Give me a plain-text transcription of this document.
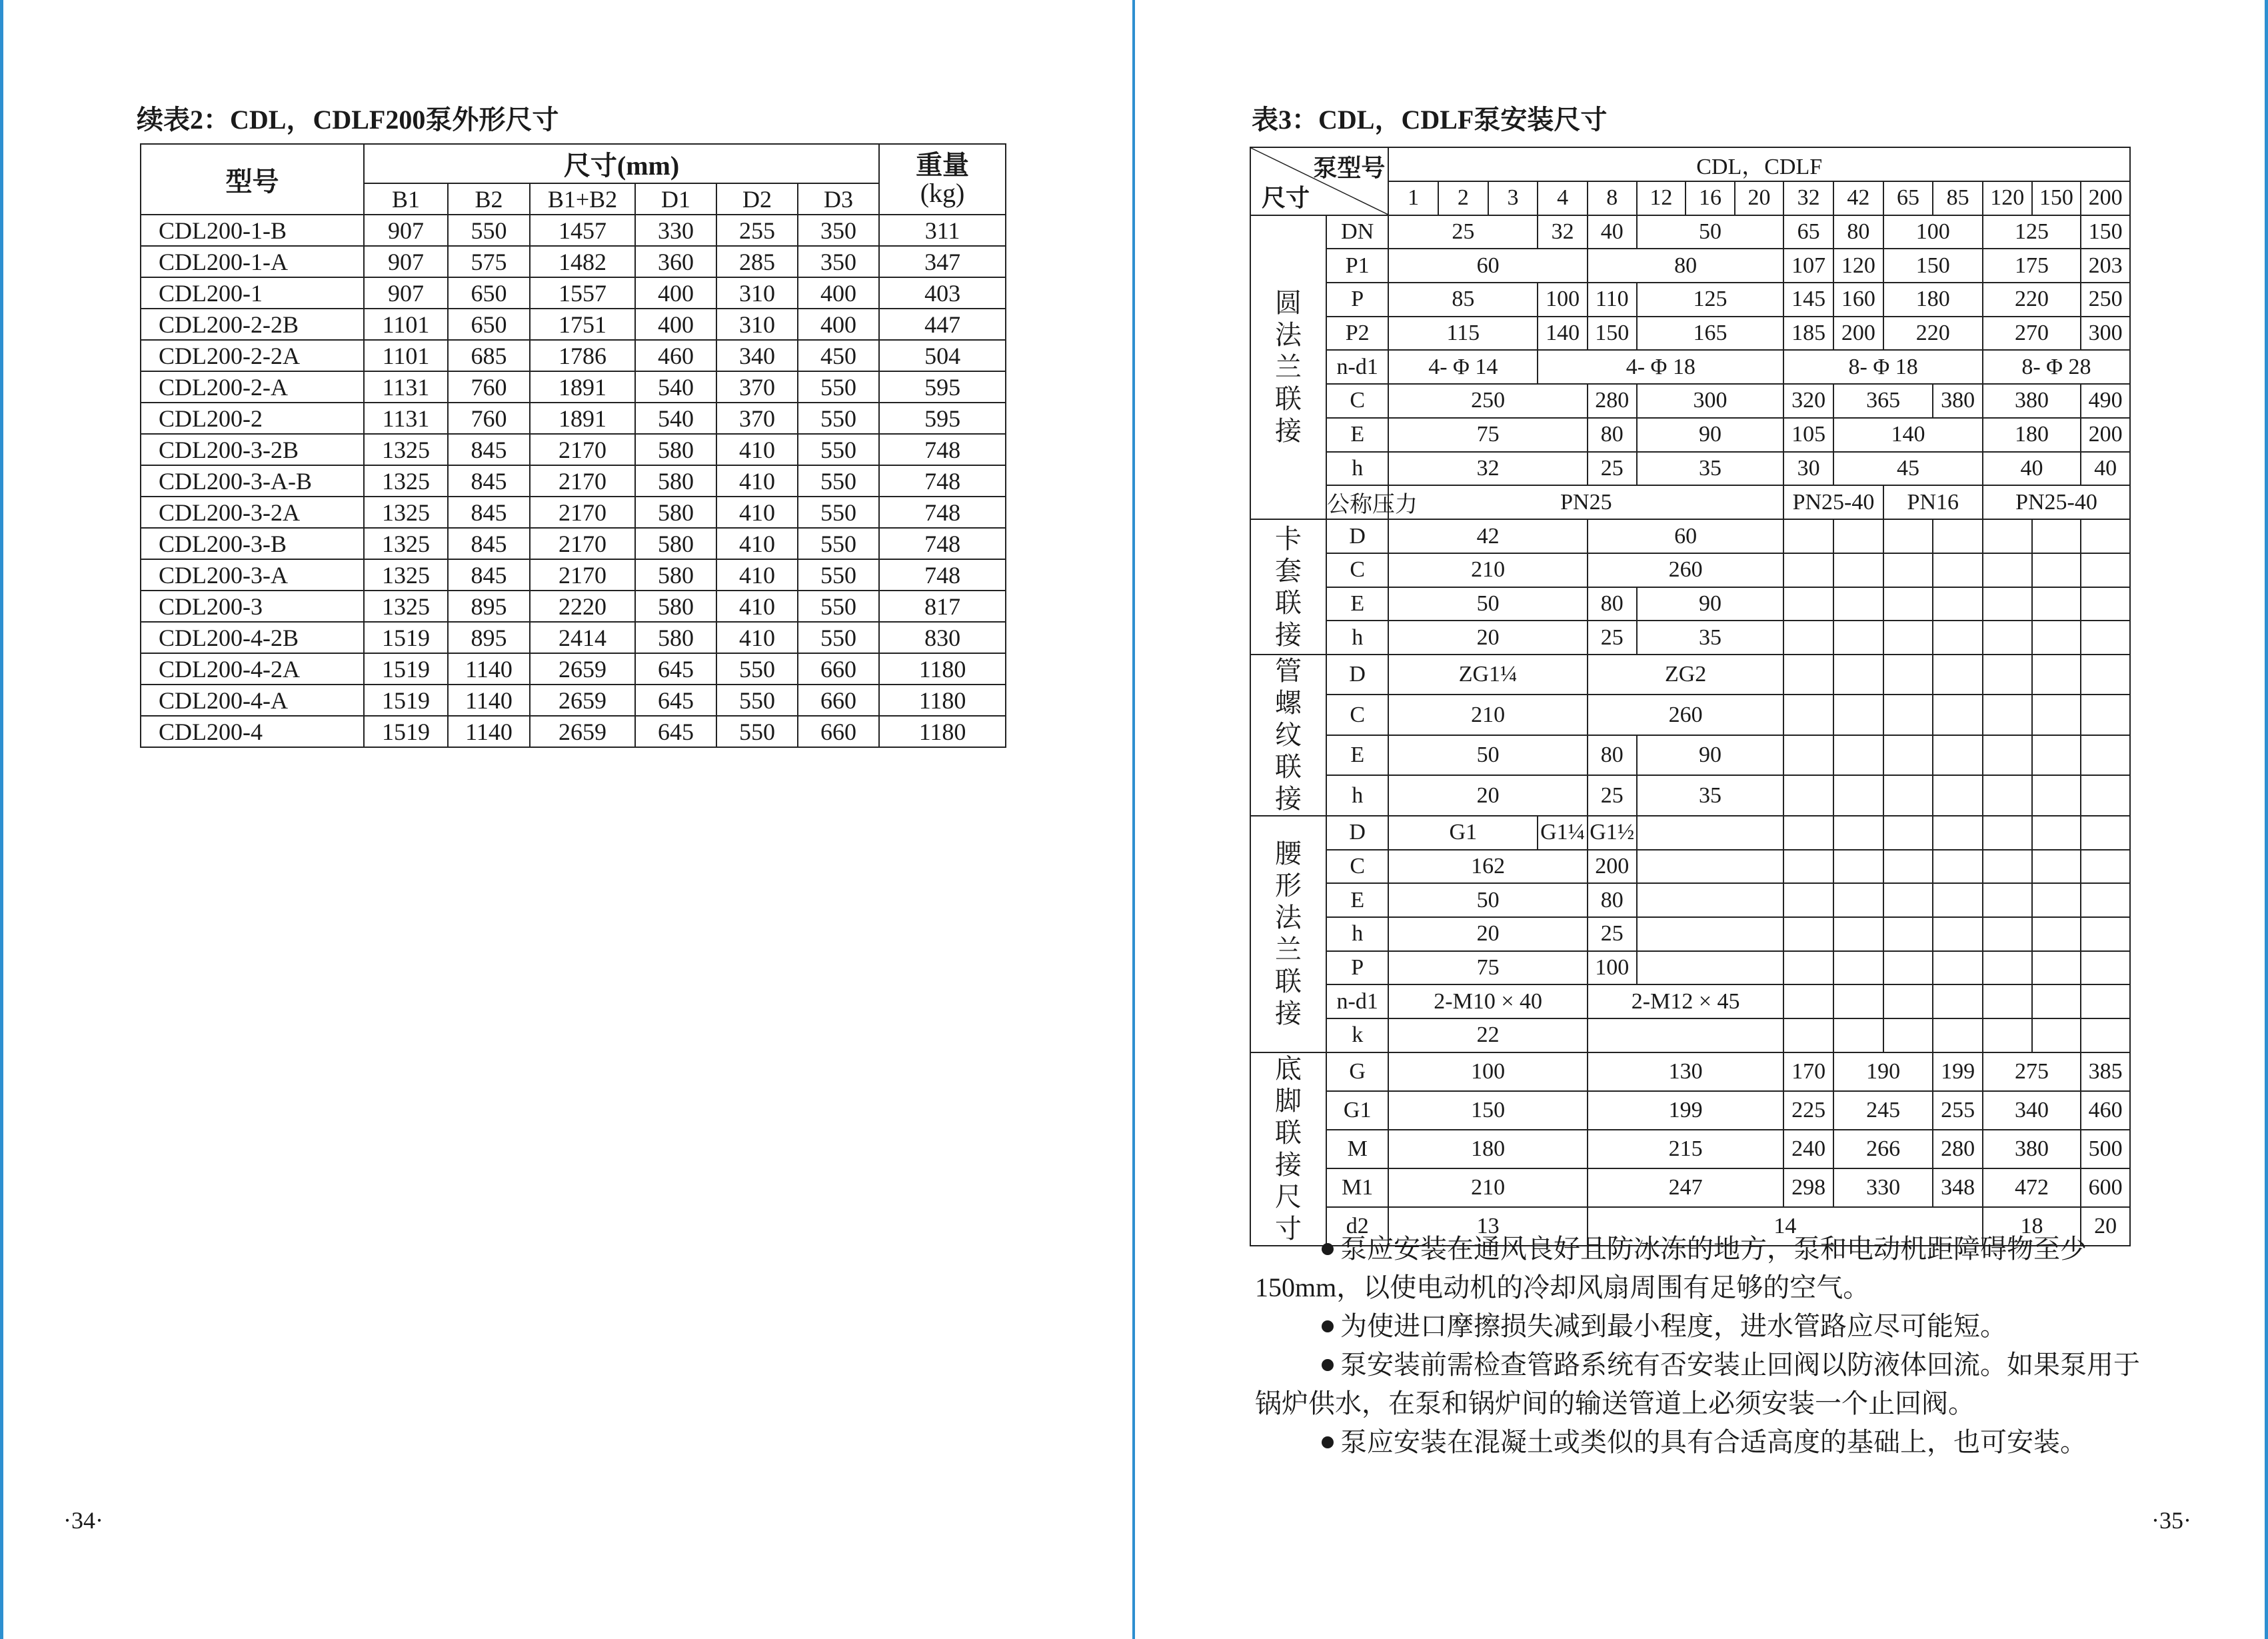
续表2：CDL，CDLF200泵外形尺寸
型号	尺寸(mm)						重量
(kg)
	B1	B2	B1+B2	D1	D2	D3	
CDL200-1-B	907	550	1457	330	255	350	311
CDL200-1-A	907	575	1482	360	285	350	347
CDL200-1	907	650	1557	400	310	400	403
CDL200-2-2B	1101	650	1751	400	310	400	447
CDL200-2-2A	1101	685	1786	460	340	450	504
CDL200-2-A	1131	760	1891	540	370	550	595
CDL200-2	1131	760	1891	540	370	550	595
CDL200-3-2B	1325	845	2170	580	410	550	748
CDL200-3-A-B	1325	845	2170	580	410	550	748
CDL200-3-2A	1325	845	2170	580	410	550	748
CDL200-3-B	1325	845	2170	580	410	550	748
CDL200-3-A	1325	845	2170	580	410	550	748
CDL200-3	1325	895	2220	580	410	550	817
CDL200-4-2B	1519	895	2414	580	410	550	830
CDL200-4-2A	1519	1140	2659	645	550	660	1180
CDL200-4-A	1519	1140	2659	645	550	660	1180
CDL200-4	1519	1140	2659	645	550	660	1180
·34·
表3：CDL，CDLF泵安装尺寸
泵型号
尺寸		CDL，CDLF														
		1	2	3	4	8	12	16	20	32	42	65	85	120	150	200
圆法兰联接	DN	25			32	40	50			65	80	100		125		150
	P1	60				80				107	120	150		175		203
	P	85			100	110	125			145	160	180		220		250
	P2	115			140	150	165			185	200	220		270		300
	n-d1	4- Φ 14			4- Φ 18					8- Φ 18				8- Φ 28		
	C	250				280	300			320	365		380	380		490
	E	75				80	90			105	140			180		200
	h	32				25	35			30	45			40		40
	公称压力	PN25								PN25-40		PN16		PN25-40		
卡套联接	D	42				60										
	C	210				260										
	E	50				80	90									
	h	20				25	35									
管螺纹联接	D	ZG1¼				ZG2										
	C	210				260										
	E	50				80	90									
	h	20				25	35									
腰形法兰联接	D	G1			G1¼	G1½										
	C	162				200										
	E	50				80										
	h	20				25										
	P	75				100										
	n-d1	2-M10 × 40				2-M12 × 45										
	k	22														
底脚联接尺寸	G	100				130				170	190		199	275		385
	G1	150				199				225	245		255	340		460
	M	180				215				240	266		280	380		500
	M1	210				247				298	330		348	472		600
	d2	13				14								18		20

泵应安装在通风良好且防冰冻的地方，泵和电动机距障碍物至少150mm，以使电动机的冷却风扇周围有足够的空气。

为使进口摩擦损失减到最小程度，进水管路应尽可能短。

泵安装前需检查管路系统有否安装止回阀以防液体回流。如果泵用于锅炉供水，在泵和锅炉间的输送管道上必须安装一个止回阀。

泵应安装在混凝土或类似的具有合适高度的基础上，也可安装。

·35·
